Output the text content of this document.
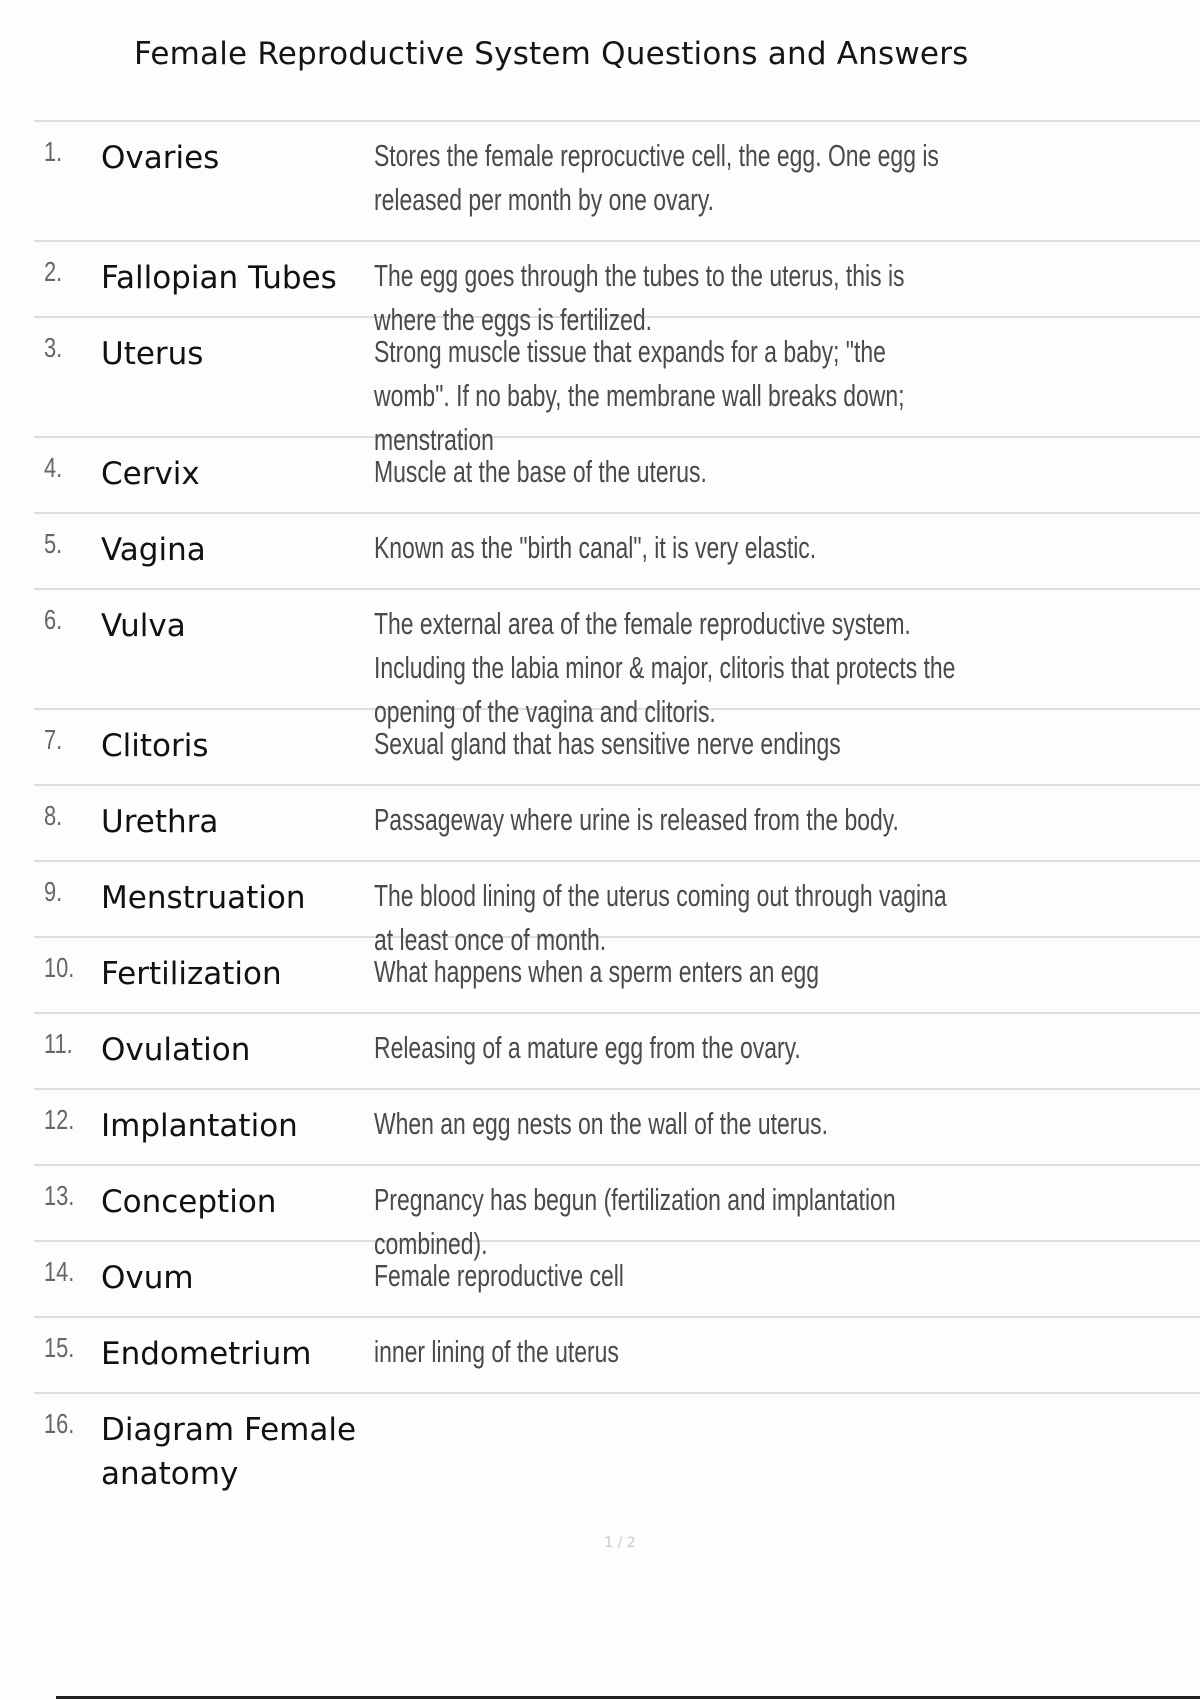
Female Reproductive System Questions and Answers
1. Ovaries	Stores the female reprocuctive cell, the egg. One egg is released per month by one ovary.
2. Fallopian Tubes	The egg goes through the tubes to the uterus, this is where the eggs is fertilized.
3. Uterus	Strong muscle tissue that expands for a baby; "the womb". If no baby, the membrane wall breaks down; menstration
4. Cervix	Muscle at the base of the uterus.
5. Vagina	Known as the "birth canal", it is very elastic.
6. Vulva	The external area of the female reproductive system. Including the labia minor & major, clitoris that protects the opening of the vagina and clitoris.
7. Clitoris	Sexual gland that has sensitive nerve endings
8. Urethra	Passageway where urine is released from the body.
9. Menstruation	The blood lining of the uterus coming out through vagina at least once of month.
10. Fertilization	What happens when a sperm enters an egg
11. Ovulation	Releasing of a mature egg from the ovary.
12. Implantation	When an egg nests on the wall of the uterus.
13. Conception	Pregnancy has begun (fertilization and implantation combined).
14. Ovum	Female reproductive cell
15. Endometrium	inner lining of the uterus
16. Diagram Female anatomy
1 / 2
